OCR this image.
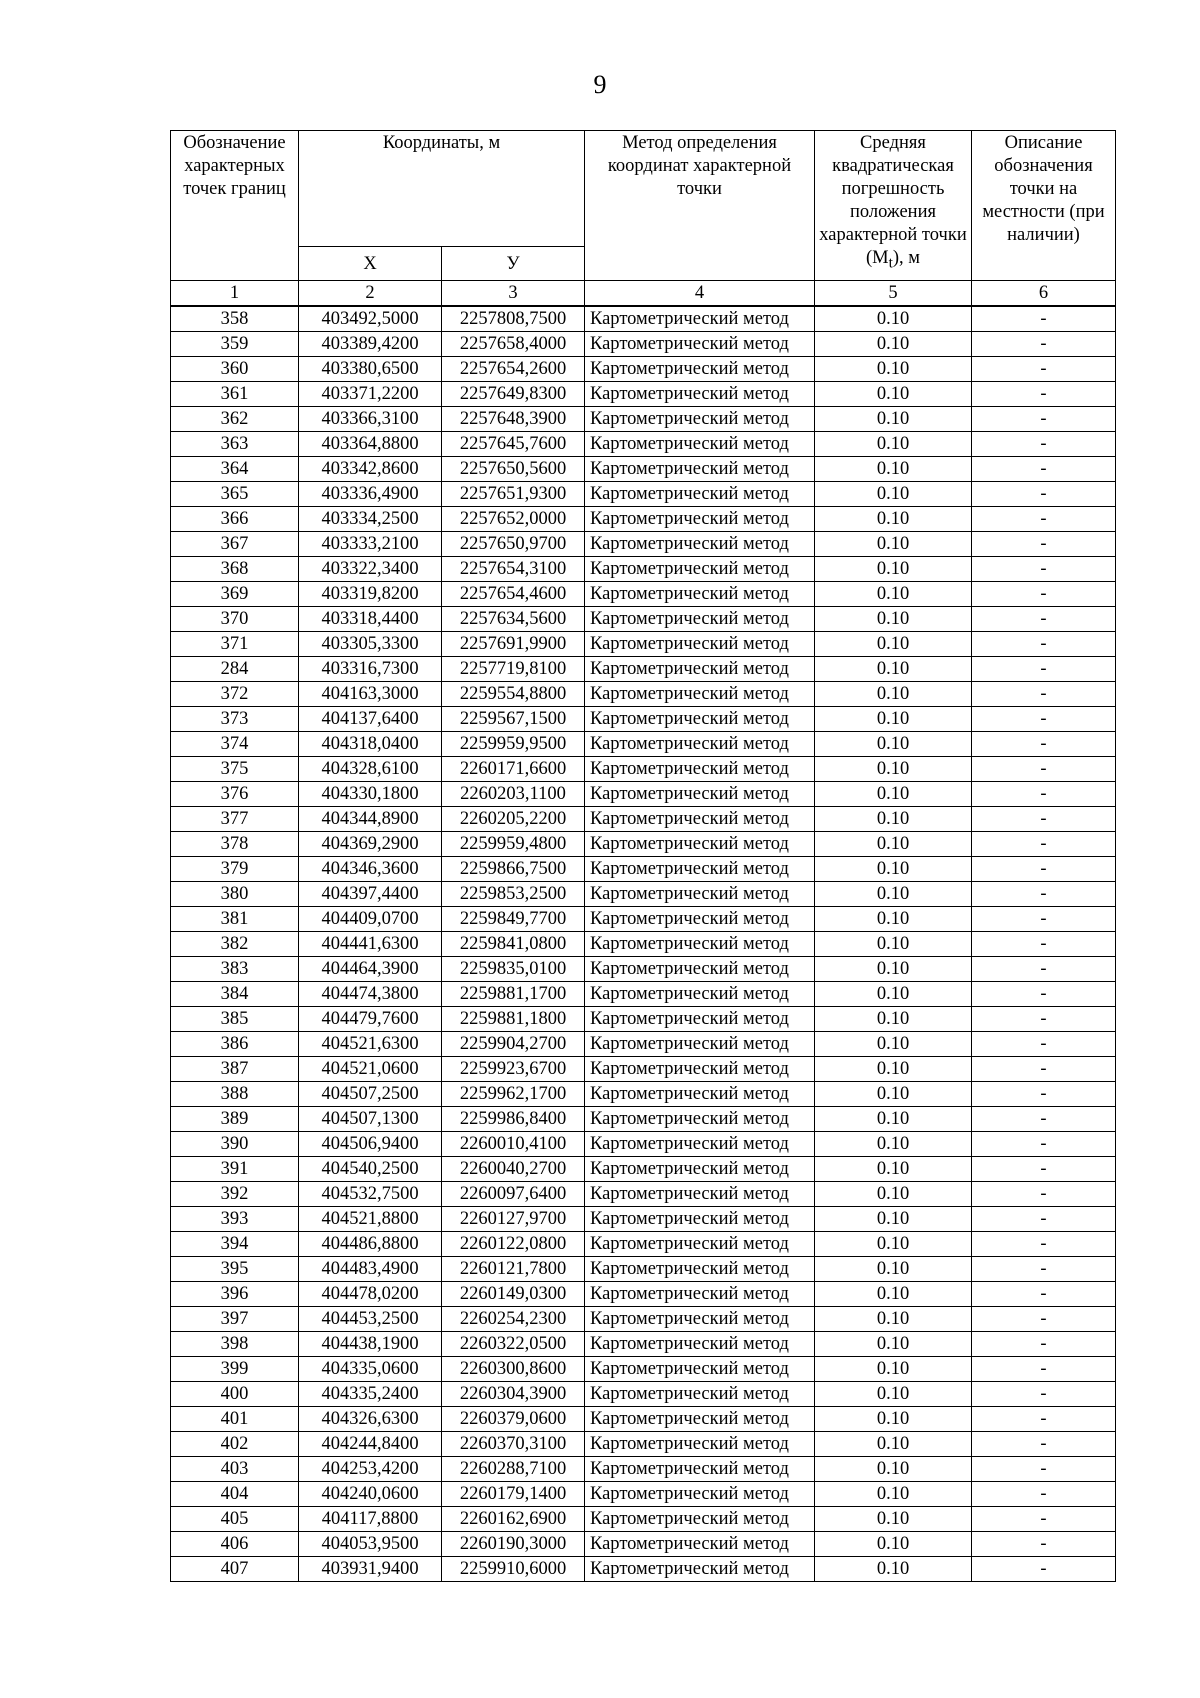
9
Обозначение характерных точек границ	Координаты, м		Метод определения координат характерной точки	Средняя квадратическая погрешность положения характерной точки $(M_t)$, м	Описание обозначения точки на местности (при наличии)
	Х	У			
1	2	3	4	5	6
358	403492,5000	2257808,7500	Картометрический метод	0.10	-
359	403389,4200	2257658,4000	Картометрический метод	0.10	-
360	403380,6500	2257654,2600	Картометрический метод	0.10	-
361	403371,2200	2257649,8300	Картометрический метод	0.10	-
362	403366,3100	2257648,3900	Картометрический метод	0.10	-
363	403364,8800	2257645,7600	Картометрический метод	0.10	-
364	403342,8600	2257650,5600	Картометрический метод	0.10	-
365	403336,4900	2257651,9300	Картометрический метод	0.10	-
366	403334,2500	2257652,0000	Картометрический метод	0.10	-
367	403333,2100	2257650,9700	Картометрический метод	0.10	-
368	403322,3400	2257654,3100	Картометрический метод	0.10	-
369	403319,8200	2257654,4600	Картометрический метод	0.10	-
370	403318,4400	2257634,5600	Картометрический метод	0.10	-
371	403305,3300	2257691,9900	Картометрический метод	0.10	-
284	403316,7300	2257719,8100	Картометрический метод	0.10	-
372	404163,3000	2259554,8800	Картометрический метод	0.10	-
373	404137,6400	2259567,1500	Картометрический метод	0.10	-
374	404318,0400	2259959,9500	Картометрический метод	0.10	-
375	404328,6100	2260171,6600	Картометрический метод	0.10	-
376	404330,1800	2260203,1100	Картометрический метод	0.10	-
377	404344,8900	2260205,2200	Картометрический метод	0.10	-
378	404369,2900	2259959,4800	Картометрический метод	0.10	-
379	404346,3600	2259866,7500	Картометрический метод	0.10	-
380	404397,4400	2259853,2500	Картометрический метод	0.10	-
381	404409,0700	2259849,7700	Картометрический метод	0.10	-
382	404441,6300	2259841,0800	Картометрический метод	0.10	-
383	404464,3900	2259835,0100	Картометрический метод	0.10	-
384	404474,3800	2259881,1700	Картометрический метод	0.10	-
385	404479,7600	2259881,1800	Картометрический метод	0.10	-
386	404521,6300	2259904,2700	Картометрический метод	0.10	-
387	404521,0600	2259923,6700	Картометрический метод	0.10	-
388	404507,2500	2259962,1700	Картометрический метод	0.10	-
389	404507,1300	2259986,8400	Картометрический метод	0.10	-
390	404506,9400	2260010,4100	Картометрический метод	0.10	-
391	404540,2500	2260040,2700	Картометрический метод	0.10	-
392	404532,7500	2260097,6400	Картометрический метод	0.10	-
393	404521,8800	2260127,9700	Картометрический метод	0.10	-
394	404486,8800	2260122,0800	Картометрический метод	0.10	-
395	404483,4900	2260121,7800	Картометрический метод	0.10	-
396	404478,0200	2260149,0300	Картометрический метод	0.10	-
397	404453,2500	2260254,2300	Картометрический метод	0.10	-
398	404438,1900	2260322,0500	Картометрический метод	0.10	-
399	404335,0600	2260300,8600	Картометрический метод	0.10	-
400	404335,2400	2260304,3900	Картометрический метод	0.10	-
401	404326,6300	2260379,0600	Картометрический метод	0.10	-
402	404244,8400	2260370,3100	Картометрический метод	0.10	-
403	404253,4200	2260288,7100	Картометрический метод	0.10	-
404	404240,0600	2260179,1400	Картометрический метод	0.10	-
405	404117,8800	2260162,6900	Картометрический метод	0.10	-
406	404053,9500	2260190,3000	Картометрический метод	0.10	-
407	403931,9400	2259910,6000	Картометрический метод	0.10	-
